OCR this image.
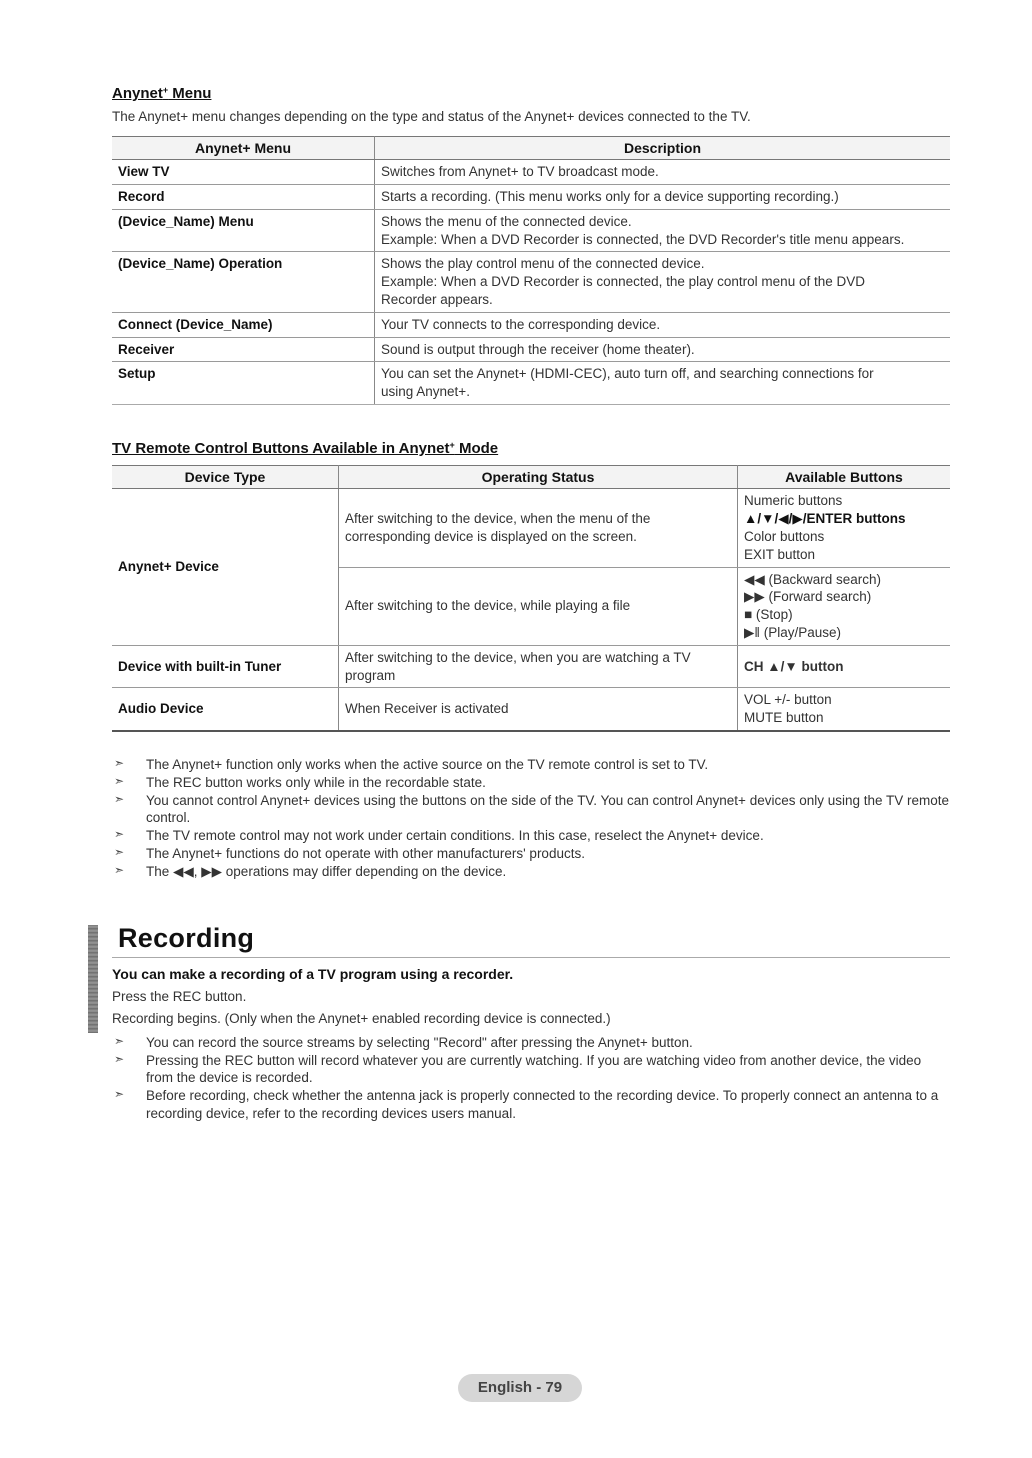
Anynet+ Menu

The Anynet+ menu changes depending on the type and status of the Anynet+ devices connected to the TV.

Anynet+ Menu	Description
View TV	Switches from Anynet+ to TV broadcast mode.

Record	Starts a recording. (This menu works only for a device supporting recording.)

(Device_Name) Menu	Shows the menu of the connected device.
Example: When a DVD Recorder is connected, the DVD Recorder's title menu appears.

(Device_Name) Operation	Shows the play control menu of the connected device.
Example: When a DVD Recorder is connected, the play control menu of the DVD
Recorder appears.

Connect (Device_Name)	Your TV connects to the corresponding device.

Receiver	Sound is output through the receiver (home theater).

Setup	You can set the Anynet+ (HDMI-CEC), auto turn off, and searching connections for
using Anynet+.
TV Remote Control Buttons Available in Anynet+ Mode
Device Type	Operating Status	Available Buttons
Anynet+ Device	After switching to the device, when the menu of the
corresponding device is displayed on the screen.	Numeric buttons
▲/▼/◀/▶/ENTER buttons
Color buttons
EXIT button

	After switching to the device, while playing a file	◀◀ (Backward search)
▶▶ (Forward search)
■ (Stop)
▶ǁ (Play/Pause)

Device with built-in Tuner	After switching to the device, when you are watching a TV
program	CH ▲/▼ button
Audio Device	When Receiver is activated	VOL +/- button
MUTE button
➣ The Anynet+ function only works when the active source on the TV remote control is set to TV.
➣ The REC button works only while in the recordable state.
➣ You cannot control Anynet+ devices using the buttons on the side of the TV. You can control Anynet+ devices only using the TV remote control.
➣ The TV remote control may not work under certain conditions. In this case, reselect the Anynet+ device.
➣ The Anynet+ functions do not operate with other manufacturers' products.
➣ The ◀◀, ▶▶ operations may differ depending on the device.
Recording
You can make a recording of a TV program using a recorder.

Press the REC button.

Recording begins. (Only when the Anynet+ enabled recording device is connected.)

➣ You can record the source streams by selecting "Record" after pressing the Anynet+ button.
➣ Pressing the REC button will record whatever you are currently watching. If you are watching video from another device, the video from the device is recorded.
➣ Before recording, check whether the antenna jack is properly connected to the recording device. To properly connect an antenna to a recording device, refer to the recording devices users manual.
English - 79
